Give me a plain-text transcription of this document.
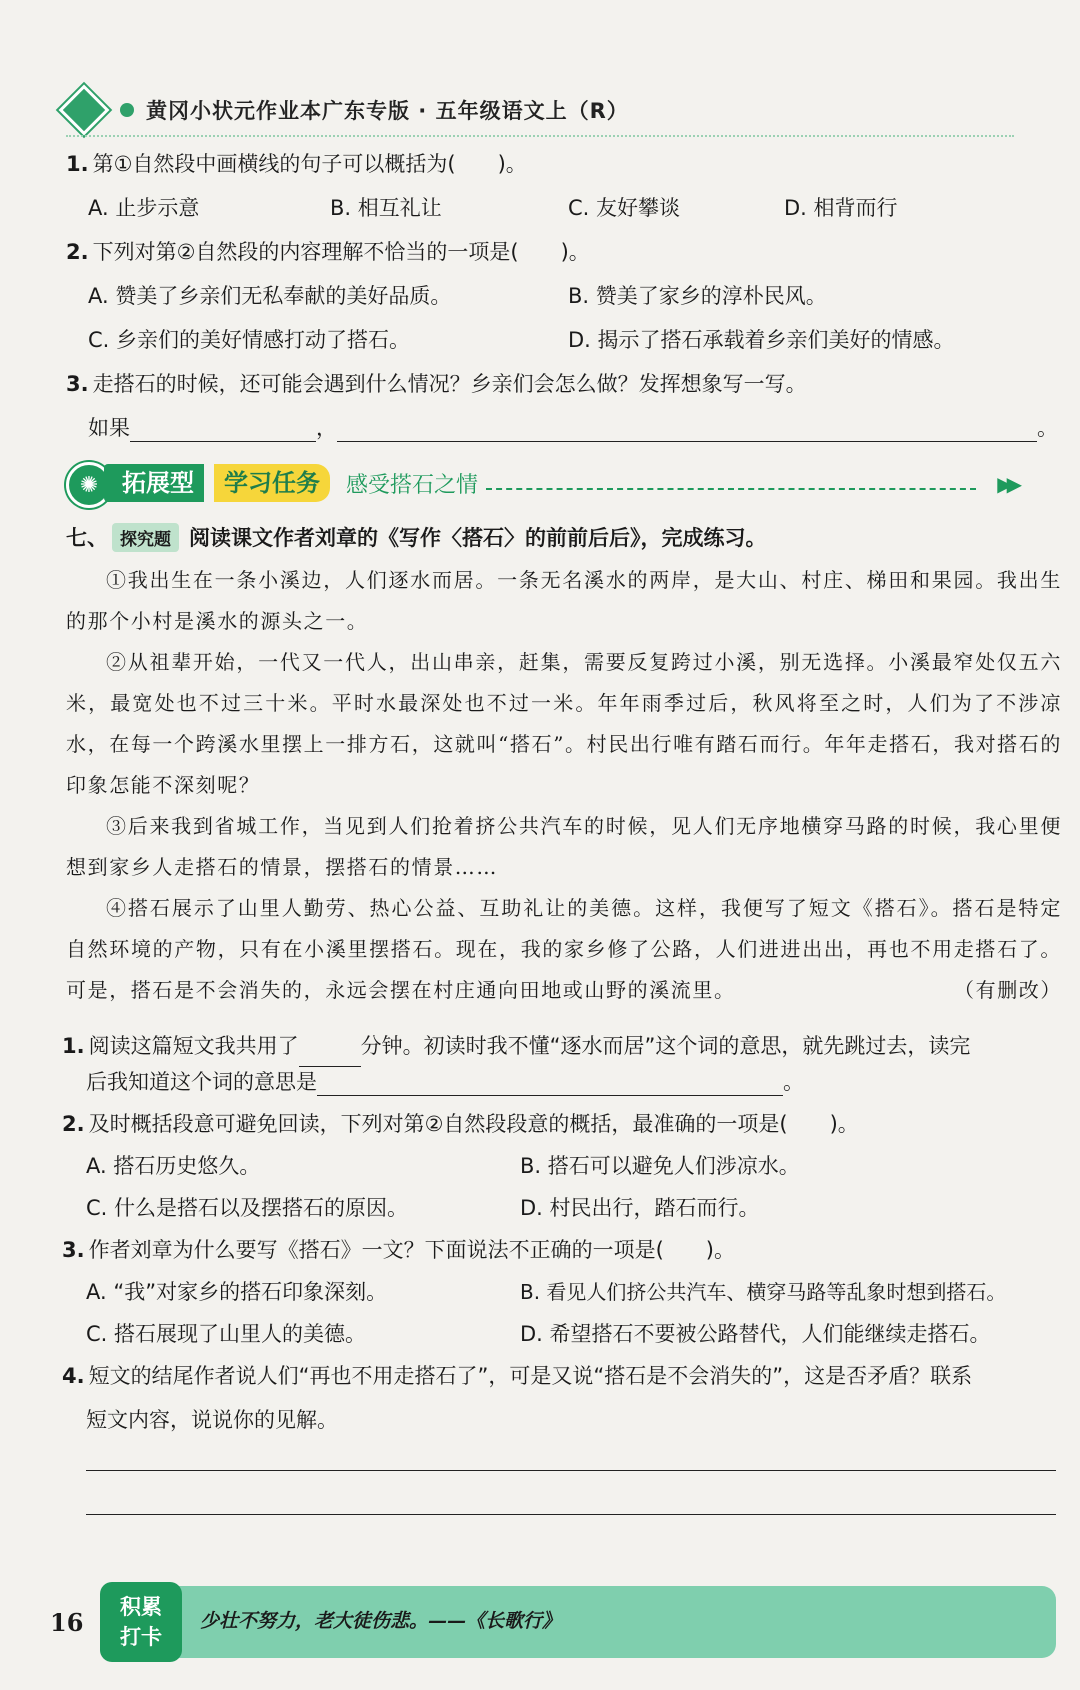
黄冈小状元作业本广东专版 · 五年级语文上（R）
1. 第①自然段中画横线的句子可以概括为(　　)。
A. 止步示意	B. 相互礼让	C. 友好攀谈	D. 相背而行
2. 下列对第②自然段的内容理解不恰当的一项是(　　)。
A. 赞美了乡亲们无私奉献的美好品质。	B. 赞美了家乡的淳朴民风。
C. 乡亲们的美好情感打动了搭石。	D. 揭示了搭石承载着乡亲们美好的情感。
3. 走搭石的时候，还可能会遇到什么情况？乡亲们会怎么做？发挥想象写一写。
如果	，	。
✺ 拓展型	学习任务	感受搭石之情	▶▶
七、 探究题 阅读课文作者刘章的《写作〈搭石〉的前前后后》，完成练习。

①我出生在一条小溪边，人们逐水而居。一条无名溪水的两岸，是大山、村庄、梯田和果园。我出生的那个小村是溪水的源头之一。

②从祖辈开始，一代又一代人，出山串亲，赶集，需要反复跨过小溪，别无选择。小溪最窄处仅五六米，最宽处也不过三十米。平时水最深处也不过一米。年年雨季过后，秋风将至之时，人们为了不涉凉水，在每一个跨溪水里摆上一排方石，这就叫“搭石”。村民出行唯有踏石而行。年年走搭石，我对搭石的印象怎能不深刻呢？

③后来我到省城工作，当见到人们抢着挤公共汽车的时候，见人们无序地横穿马路的时候，我心里便想到家乡人走搭石的情景，摆搭石的情景……

④搭石展示了山里人勤劳、热心公益、互助礼让的美德。这样，我便写了短文《搭石》。搭石是特定自然环境的产物，只有在小溪里摆搭石。现在，我的家乡修了公路，人们进进出出，再也不用走搭石了。可是，搭石是不会消失的，永远会摆在村庄通向田地或山野的溪流里。	（有删改）

1. 阅读这篇短文我共用了	分钟。初读时我不懂“逐水而居”这个词的意思，就先跳过去，读完
后我知道这个词的意思是	。
2. 及时概括段意可避免回读，下列对第②自然段段意的概括，最准确的一项是(　　)。
A. 搭石历史悠久。	B. 搭石可以避免人们涉凉水。
C. 什么是搭石以及摆搭石的原因。	D. 村民出行，踏石而行。
3. 作者刘章为什么要写《搭石》一文？下面说法不正确的一项是(　　)。
A. “我”对家乡的搭石印象深刻。	B. 看见人们挤公共汽车、横穿马路等乱象时想到搭石。
C. 搭石展现了山里人的美德。	D. 希望搭石不要被公路替代，人们能继续走搭石。
4. 短文的结尾作者说人们“再也不用走搭石了”，可是又说“搭石是不会消失的”，这是否矛盾？联系
短文内容，说说你的见解。
16
积累
打卡
少壮不努力，老大徒伤悲。——《长歌行》
